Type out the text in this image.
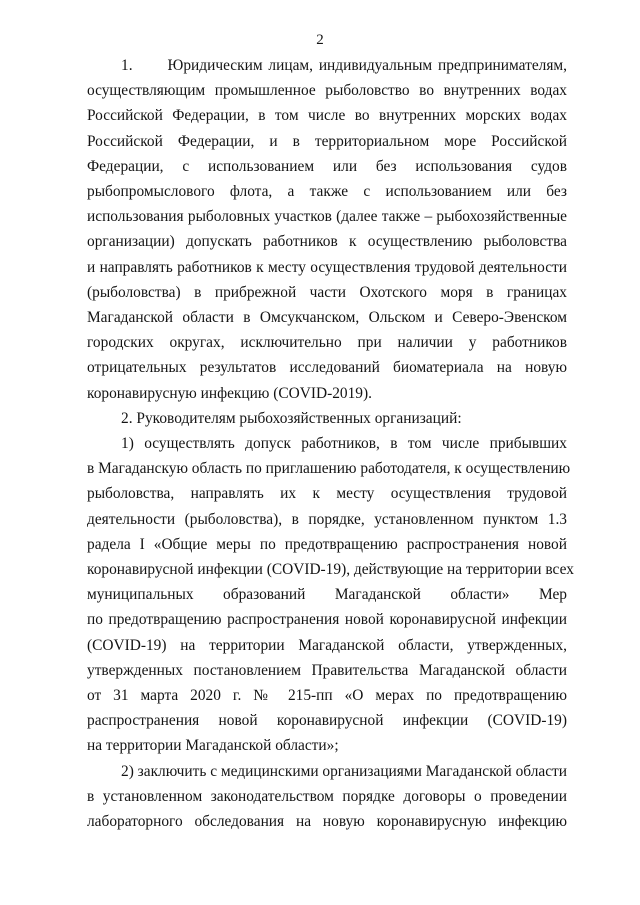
2
1.      Юридическим лицам, индивидуальным предпринимателям,
осуществляющим промышленное рыболовство во внутренних водах
Российской Федерации, в том числе во внутренних морских водах
Российской Федерации, и в территориальном море Российской
Федерации, с использованием или без использования судов
рыбопромыслового флота, а также с использованием или без
использования рыболовных участков (далее также – рыбохозяйственные
организации) допускать работников к осуществлению рыболовства
и направлять работников к месту осуществления трудовой деятельности
(рыболовства) в прибрежной части Охотского моря в границах
Магаданской области в Омсукчанском, Ольском и Северо-Эвенском
городских округах, исключительно при наличии у работников
отрицательных результатов исследований биоматериала на новую
коронавирусную инфекцию (COVID-2019).
2. Руководителям рыбохозяйственных организаций:
1) осуществлять допуск работников, в том числе прибывших
в Магаданскую область по приглашению работодателя, к осуществлению
рыболовства, направлять их к месту осуществления трудовой
деятельности (рыболовства), в порядке, установленном пунктом 1.3
радела I «Общие меры по предотвращению распространения новой
коронавирусной инфекции (COVID-19), действующие на территории всех
муниципальных образований Магаданской области» Мер
по предотвращению распространения новой коронавирусной инфекции
(COVID-19) на территории Магаданской области, утвержденных,
утвержденных постановлением Правительства Магаданской области
от 31 марта 2020 г. № 215-пп «О мерах по предотвращению
распространения новой коронавирусной инфекции (COVID-19)
на территории Магаданской области»;
2) заключить с медицинскими организациями Магаданской области
в установленном законодательством порядке договоры о проведении
лабораторного обследования на новую коронавирусную инфекцию
